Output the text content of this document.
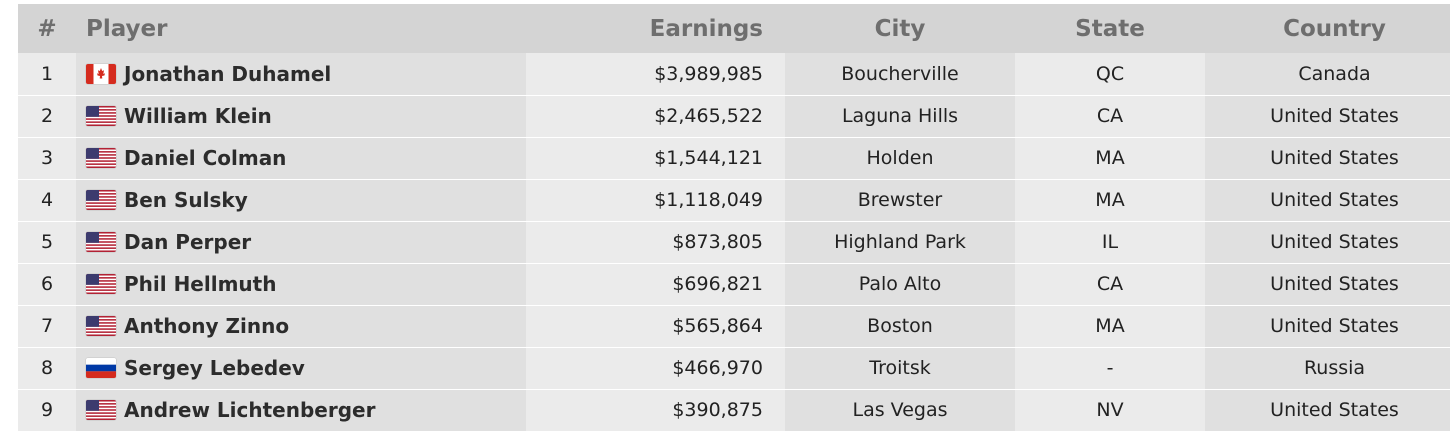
#	Player	Earnings	City	State	Country
1	Jonathan Duhamel	$3,989,985	Boucherville	QC	Canada
2	William Klein	$2,465,522	Laguna Hills	CA	United States
3	Daniel Colman	$1,544,121	Holden	MA	United States
4	Ben Sulsky	$1,118,049	Brewster	MA	United States
5	Dan Perper	$873,805	Highland Park	IL	United States
6	Phil Hellmuth	$696,821	Palo Alto	CA	United States
7	Anthony Zinno	$565,864	Boston	MA	United States
8	Sergey Lebedev	$466,970	Troitsk	-	Russia
9	Andrew Lichtenberger	$390,875	Las Vegas	NV	United States
